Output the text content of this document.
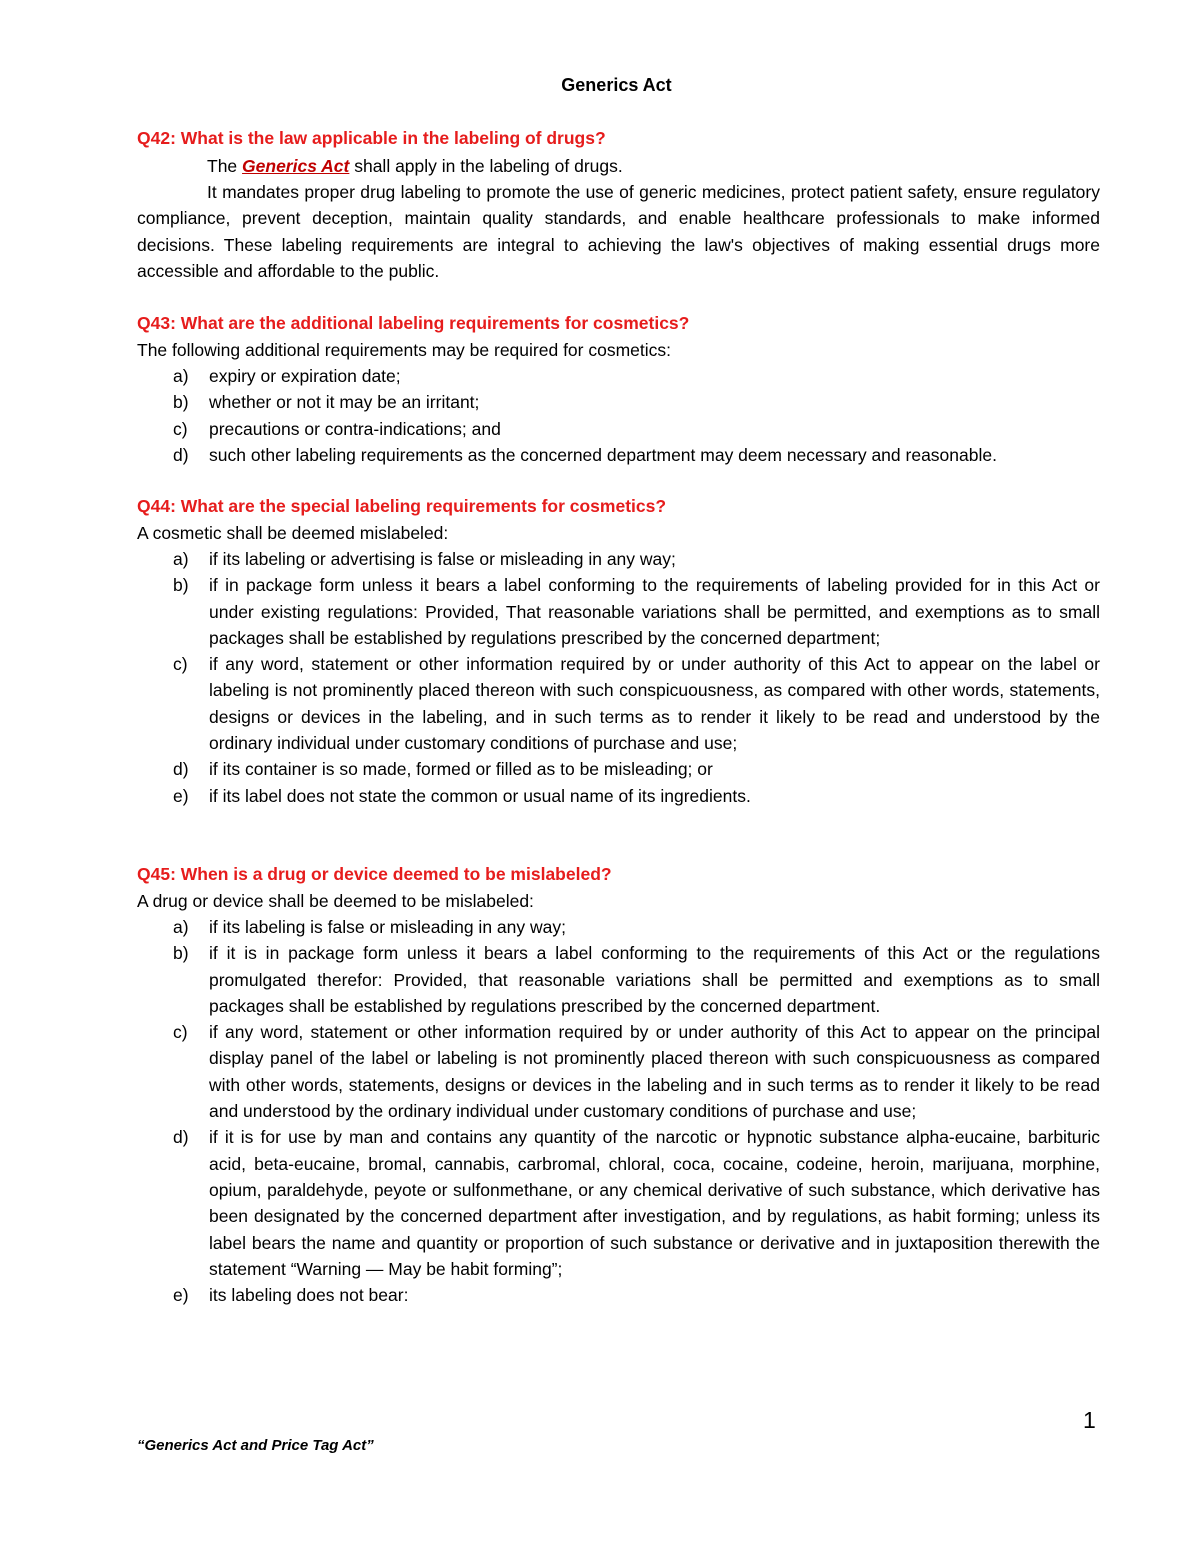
Generics Act
Q42: What is the law applicable in the labeling of drugs?

The Generics Act shall apply in the labeling of drugs.

It mandates proper drug labeling to promote the use of generic medicines, protect patient safety, ensure regulatory compliance, prevent deception, maintain quality standards, and enable healthcare professionals to make informed decisions. These labeling requirements are integral to achieving the law's objectives of making essential drugs more accessible and affordable to the public.

Q43: What are the additional labeling requirements for cosmetics?

The following additional requirements may be required for cosmetics:

a) expiry or expiration date;
b) whether or not it may be an irritant;
c) precautions or contra-indications; and
d) such other labeling requirements as the concerned department may deem necessary and reasonable.
Q44: What are the special labeling requirements for cosmetics?

A cosmetic shall be deemed mislabeled:

a) if its labeling or advertising is false or misleading in any way;
b) if in package form unless it bears a label conforming to the requirements of labeling provided for in this Act or under existing regulations: Provided, That reasonable variations shall be permitted, and exemptions as to small packages shall be established by regulations prescribed by the concerned department;
c) if any word, statement or other information required by or under authority of this Act to appear on the label or labeling is not prominently placed thereon with such conspicuousness, as compared with other words, statements, designs or devices in the labeling, and in such terms as to render it likely to be read and understood by the ordinary individual under customary conditions of purchase and use;
d) if its container is so made, formed or filled as to be misleading; or
e) if its label does not state the common or usual name of its ingredients.
Q45: When is a drug or device deemed to be mislabeled?

A drug or device shall be deemed to be mislabeled:

a) if its labeling is false or misleading in any way;
b) if it is in package form unless it bears a label conforming to the requirements of this Act or the regulations promulgated therefor: Provided, that reasonable variations shall be permitted and exemptions as to small packages shall be established by regulations prescribed by the concerned department.
c) if any word, statement or other information required by or under authority of this Act to appear on the principal display panel of the label or labeling is not prominently placed thereon with such conspicuousness as compared with other words, statements, designs or devices in the labeling and in such terms as to render it likely to be read and understood by the ordinary individual under customary conditions of purchase and use;
d) if it is for use by man and contains any quantity of the narcotic or hypnotic substance alpha-eucaine, barbituric acid, beta-eucaine, bromal, cannabis, carbromal, chloral, coca, cocaine, codeine, heroin, marijuana, morphine, opium, paraldehyde, peyote or sulfonmethane, or any chemical derivative of such substance, which derivative has been designated by the concerned department after investigation, and by regulations, as habit forming; unless its label bears the name and quantity or proportion of such substance or derivative and in juxtaposition therewith the statement “Warning — May be habit forming”;
e) its labeling does not bear:
1
“Generics Act and Price Tag Act”
